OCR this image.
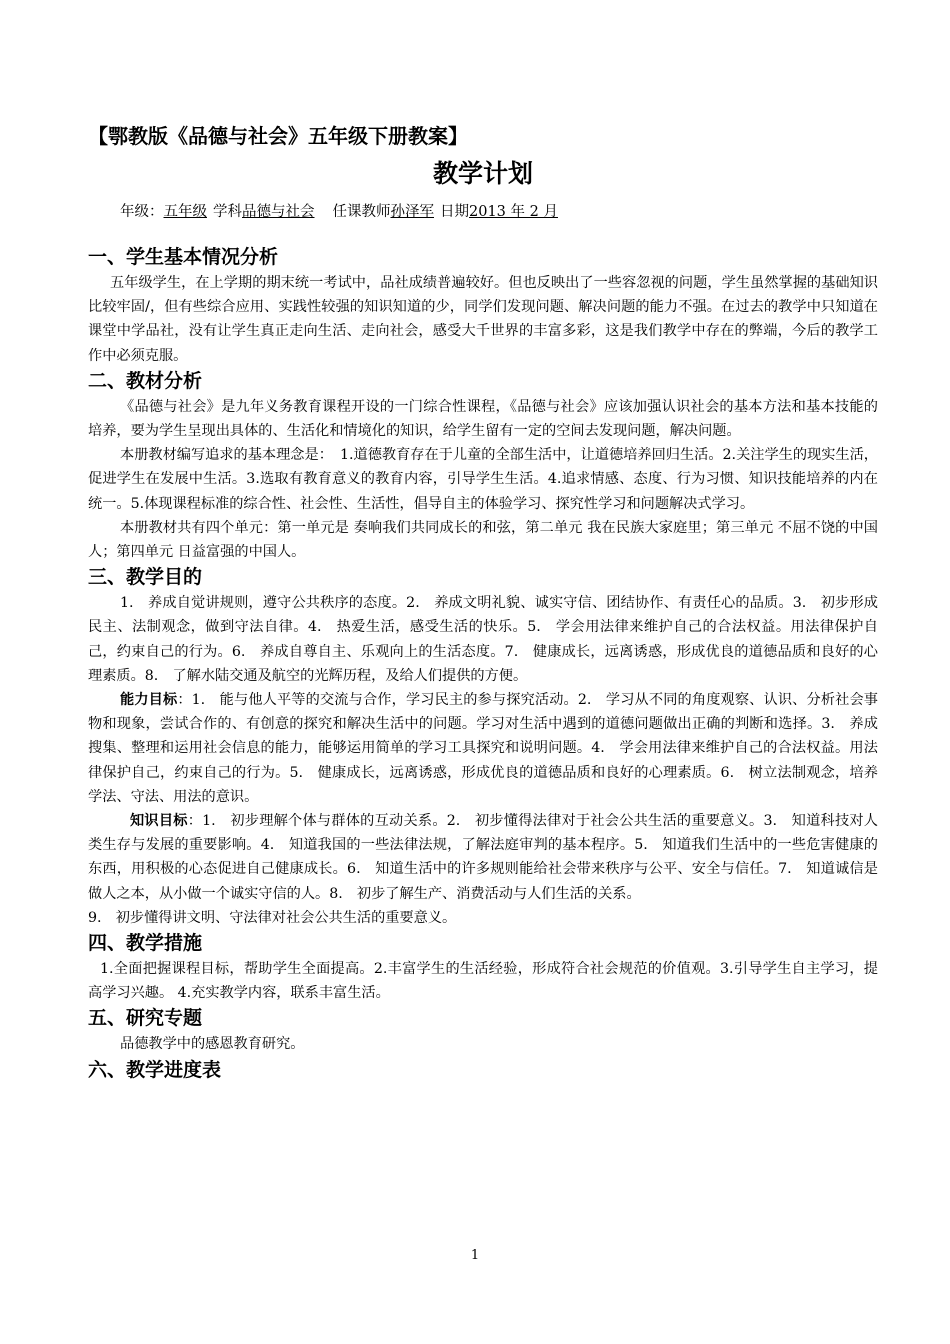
【鄂教版《品德与社会》五年级下册教案】
教学计划
年级：五年级 学科品德与社会 任课教师孙泽军 日期2013 年 2 月
一、学生基本情况分析

五年级学生，在上学期的期末统一考试中，品社成绩普遍较好。但也反映出了一些容忽视的问题，学生虽然掌握的基础知识比较牢固/，但有些综合应用、实践性较强的知识知道的少，同学们发现问题、解决问题的能力不强。在过去的教学中只知道在课堂中学品社，没有让学生真正走向生活、走向社会，感受大千世界的丰富多彩，这是我们教学中存在的弊端，今后的教学工作中必须克服。

二、教材分析

《品德与社会》是九年义务教育课程开设的一门综合性课程，《品德与社会》应该加强认识社会的基本方法和基本技能的培养，要为学生呈现出具体的、生活化和情境化的知识，给学生留有一定的空间去发现问题，解决问题。

本册教材编写追求的基本理念是：　1.道德教育存在于儿童的全部生活中，让道德培养回归生活。2.关注学生的现实生活，促进学生在发展中生活。3.选取有教育意义的教育内容，引导学生生活。4.追求情感、态度、行为习惯、知识技能培养的内在统一。5.体现课程标准的综合性、社会性、生活性，倡导自主的体验学习、探究性学习和问题解决式学习。

本册教材共有四个单元：第一单元是 奏响我们共同成长的和弦，第二单元 我在民族大家庭里；第三单元 不屈不饶的中国人；第四单元 日益富强的中国人。

三、教学目的

1.　养成自觉讲规则，遵守公共秩序的态度。2.　养成文明礼貌、诚实守信、团结协作、有责任心的品质。3.　初步形成民主、法制观念，做到守法自律。4.　热爱生活，感受生活的快乐。5.　学会用法律来维护自己的合法权益。用法律保护自己，约束自己的行为。6.　养成自尊自主、乐观向上的生活态度。7.　健康成长，远离诱惑，形成优良的道德品质和良好的心理素质。8.　了解水陆交通及航空的光辉历程，及给人们提供的方便。

能力目标：1.　能与他人平等的交流与合作，学习民主的参与探究活动。2.　学习从不同的角度观察、认识、分析社会事物和现象，尝试合作的、有创意的探究和解决生活中的问题。学习对生活中遇到的道德问题做出正确的判断和选择。3.　养成搜集、整理和运用社会信息的能力，能够运用简单的学习工具探究和说明问题。4.　学会用法律来维护自己的合法权益。用法律保护自己，约束自己的行为。5.　健康成长，远离诱惑，形成优良的道德品质和良好的心理素质。6.　树立法制观念，培养学法、守法、用法的意识。

知识目标：1.　初步理解个体与群体的互动关系。2.　初步懂得法律对于社会公共生活的重要意义。3.　知道科技对人类生存与发展的重要影响。4.　知道我国的一些法律法规，了解法庭审判的基本程序。5.　知道我们生活中的一些危害健康的东西，用积极的心态促进自己健康成长。6.　知道生活中的许多规则能给社会带来秩序与公平、安全与信任。7.　知道诚信是做人之本，从小做一个诚实守信的人。8.　初步了解生产、消费活动与人们生活的关系。

9.　初步懂得讲文明、守法律对社会公共生活的重要意义。

四、教学措施

1.全面把握课程目标，帮助学生全面提高。2.丰富学生的生活经验，形成符合社会规范的价值观。3.引导学生自主学习，提高学习兴趣。 4.充实教学内容，联系丰富生活。

五、研究专题

品德教学中的感恩教育研究。

六、教学进度表
1
